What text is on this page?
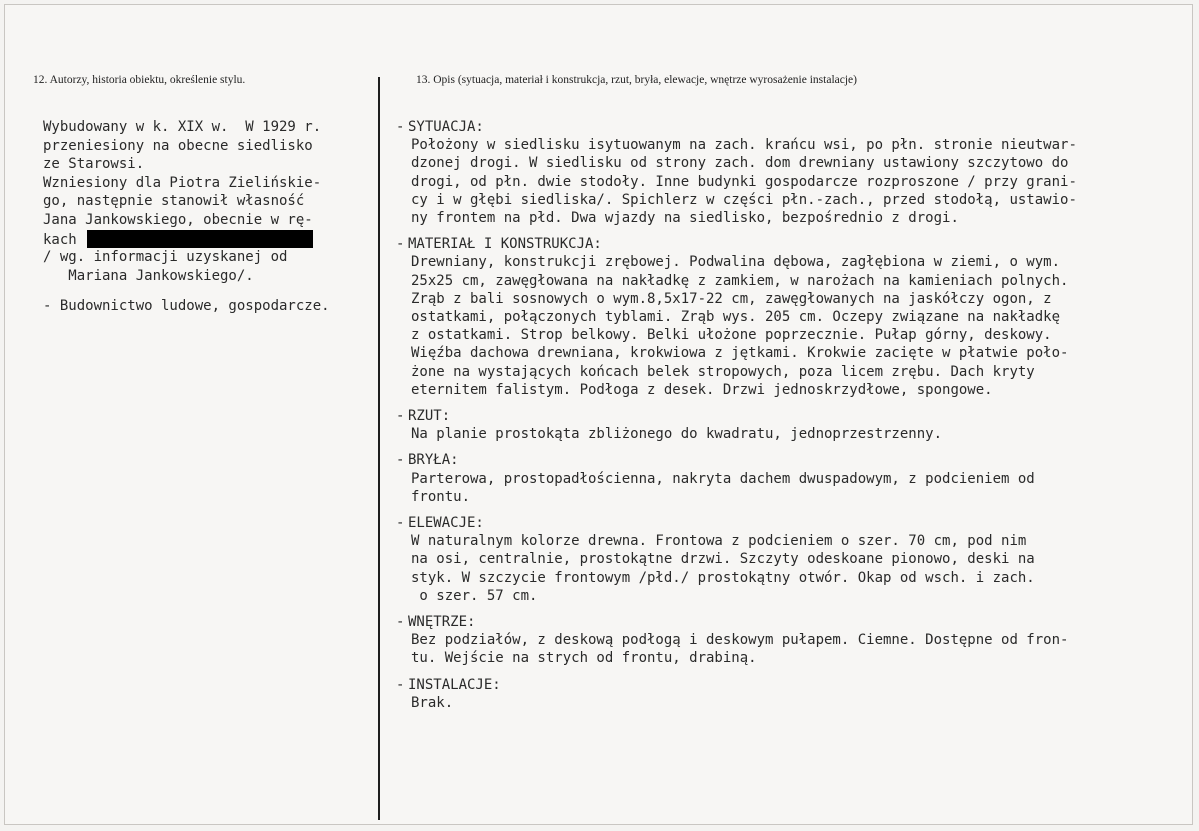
12. Autorzy, historia obiektu, określenie stylu.	13. Opis (sytuacja, materiał i konstrukcja, rzut, bryła, elewacje, wnętrze wyrosażenie instalacje)
Wybudowany w k. XIX w.  W 1929 r.
przeniesiony na obecne siedlisko
ze Starowsi.
Wzniesiony dla Piotra Zielińskie-
go, następnie stanowił własność
Jana Jankowskiego, obecnie w rę-
kach
/ wg. informacji uzyskanej od
Mariana Jankowskiego/.
- Budownictwo ludowe, gospodarcze.
- SYTUACJA:
Położony w siedlisku isytuowanym na zach. krańcu wsi, po płn. stronie nieutwar-
dzonej drogi. W siedlisku od strony zach. dom drewniany ustawiony szczytowo do
drogi, od płn. dwie stodoły. Inne budynki gospodarcze rozproszone / przy grani-
cy i w głębi siedliska/. Spichlerz w części płn.-zach., przed stodołą, ustawio-
ny frontem na płd. Dwa wjazdy na siedlisko, bezpośrednio z drogi.
- MATERIAŁ I KONSTRUKCJA:
Drewniany, konstrukcji zrębowej. Podwalina dębowa, zagłębiona w ziemi, o wym.
25x25 cm, zawęgłowana na nakładkę z zamkiem, w narożach na kamieniach polnych.
Zrąb z bali sosnowych o wym.8,5x17-22 cm, zawęgłowanych na jaskółczy ogon, z
ostatkami, połączonych tyblami. Zrąb wys. 205 cm. Oczepy związane na nakładkę
z ostatkami. Strop belkowy. Belki ułożone poprzecznie. Pułap górny, deskowy.
Więźba dachowa drewniana, krokwiowa z jętkami. Krokwie zacięte w płatwie poło-
żone na wystających końcach belek stropowych, poza licem zrębu. Dach kryty
eternitem falistym. Podłoga z desek. Drzwi jednoskrzydłowe, spongowe.
- RZUT:
Na planie prostokąta zbliżonego do kwadratu, jednoprzestrzenny.
- BRYŁA:
Parterowa, prostopadłościenna, nakryta dachem dwuspadowym, z podcieniem od
frontu.
- ELEWACJE:
W naturalnym kolorze drewna. Frontowa z podcieniem o szer. 70 cm, pod nim
na osi, centralnie, prostokątne drzwi. Szczyty odeskoane pionowo, deski na
styk. W szczycie frontowym /płd./ prostokątny otwór. Okap od wsch. i zach.
o szer. 57 cm.
- WNĘTRZE:
Bez podziałów, z deskową podłogą i deskowym pułapem. Ciemne. Dostępne od fron-
tu. Wejście na strych od frontu, drabiną.
- INSTALACJE:
Brak.
